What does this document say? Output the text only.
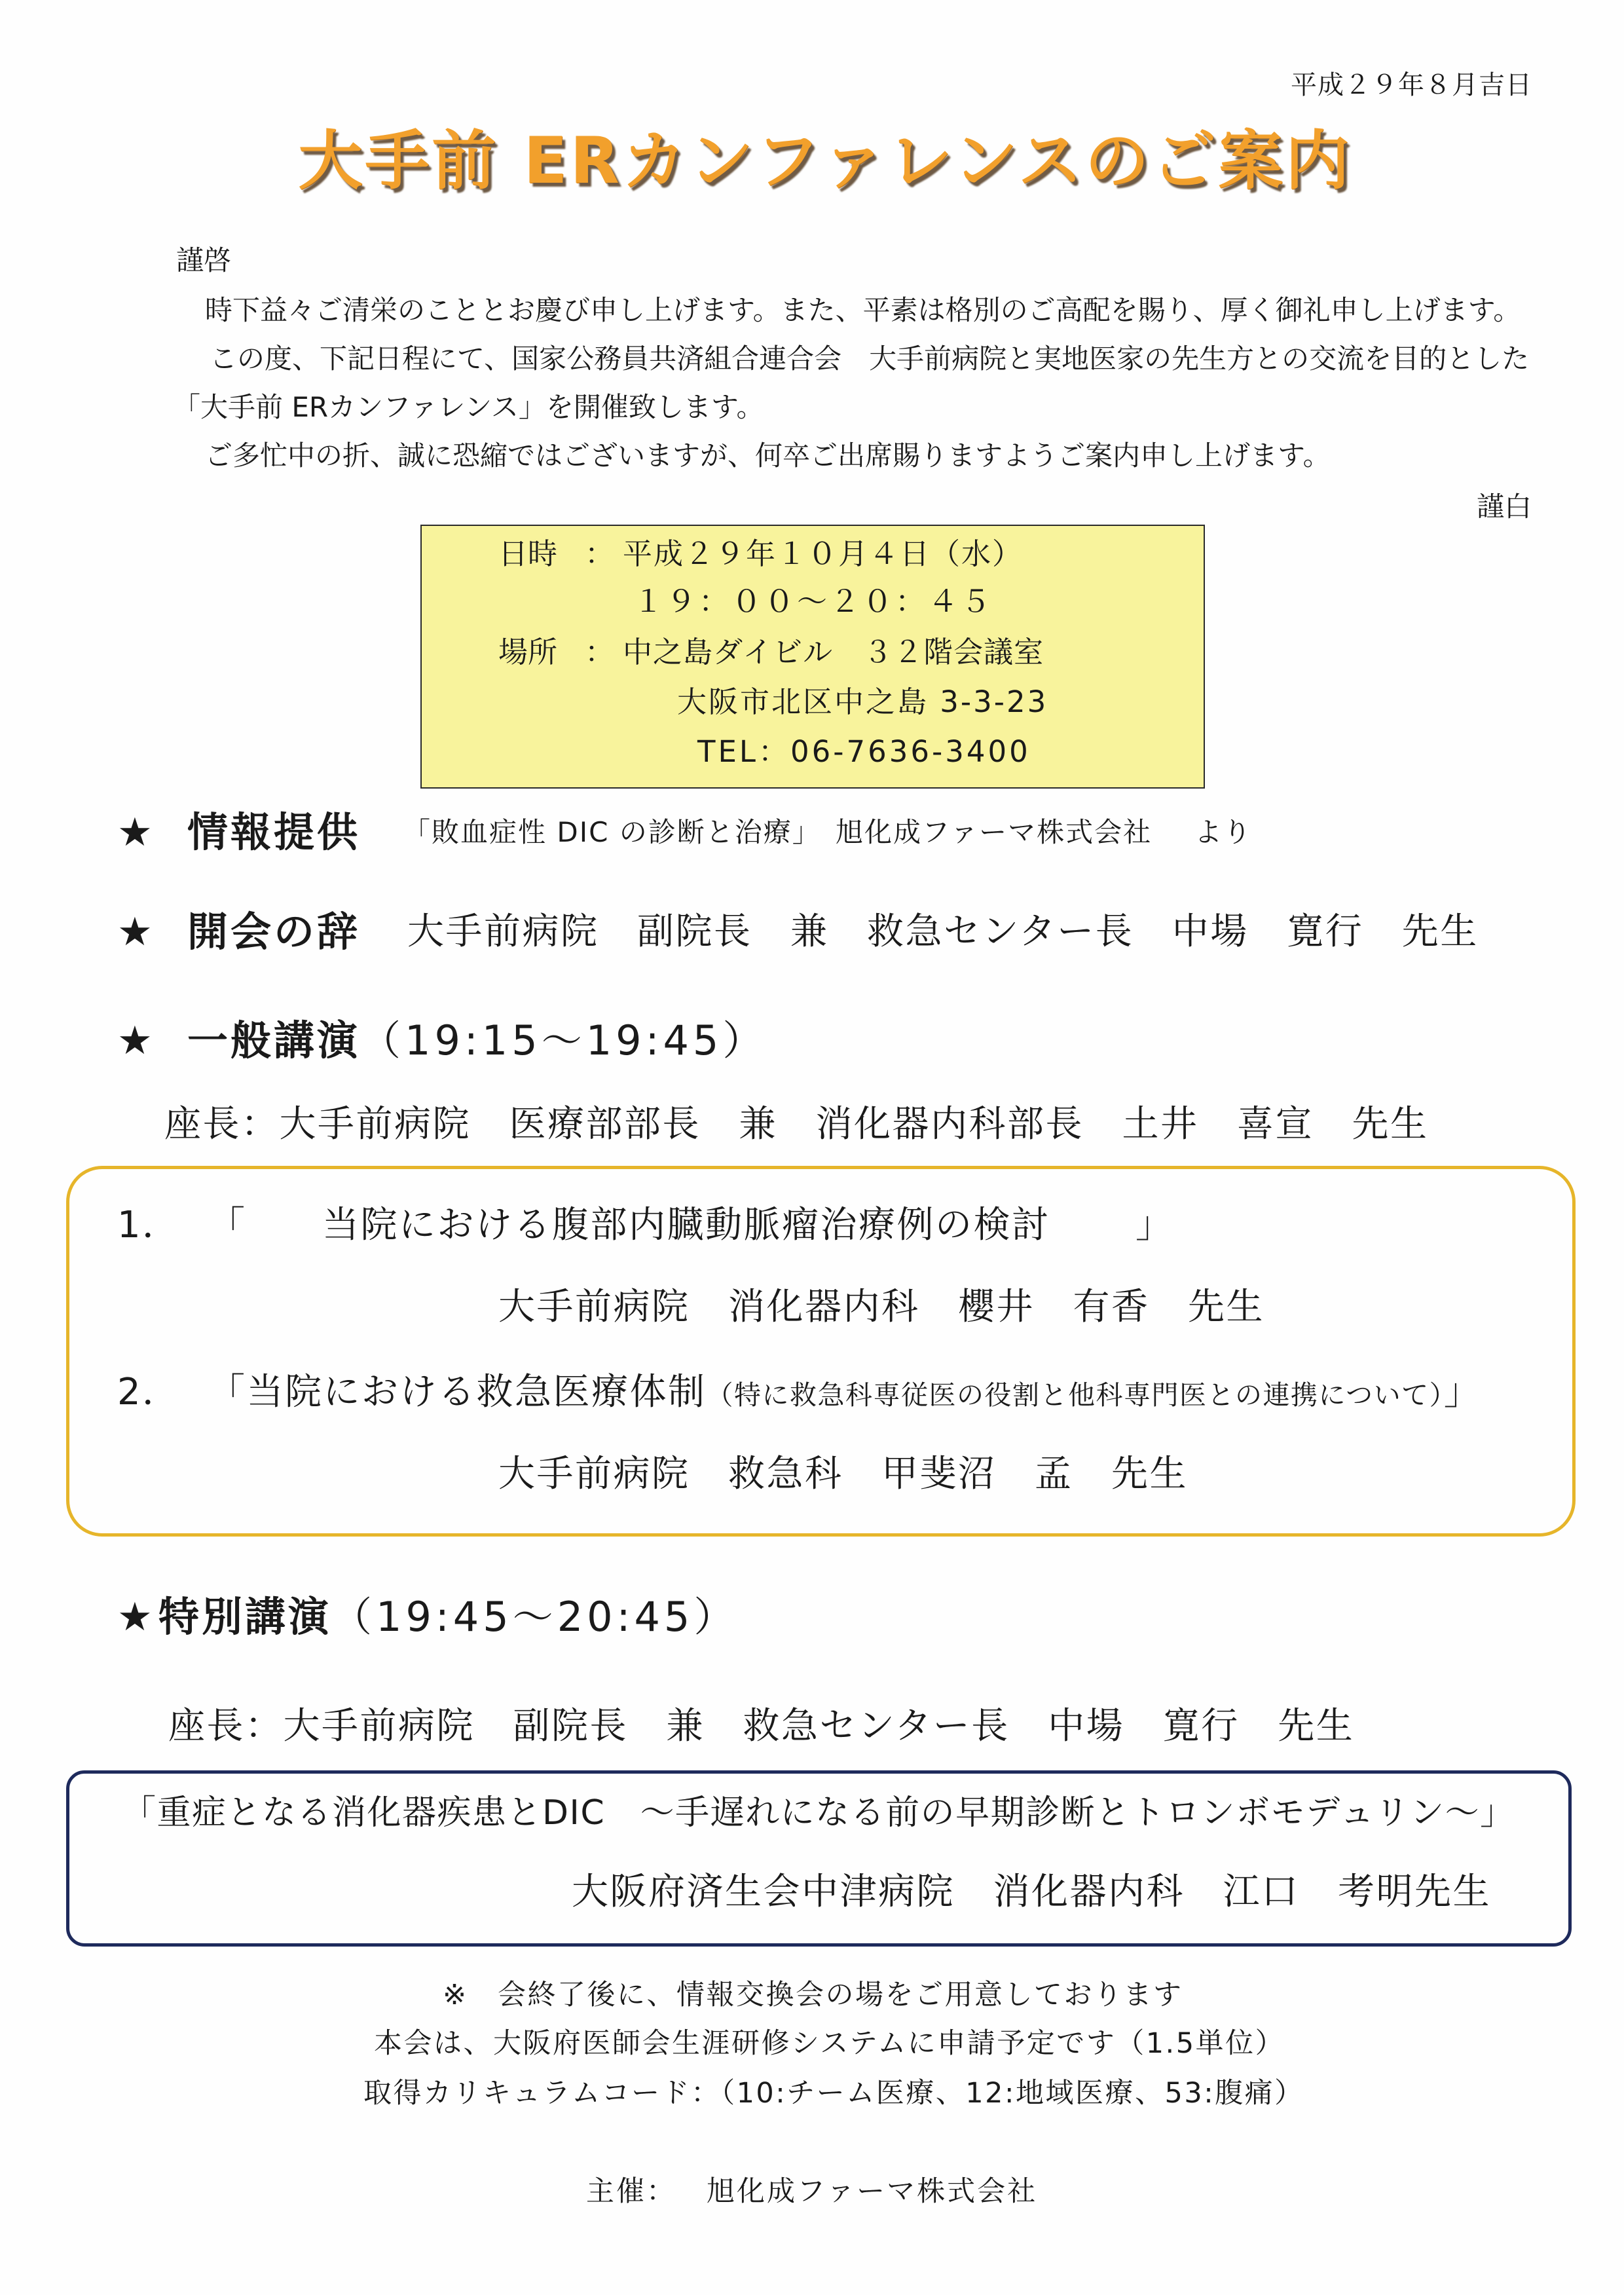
平成２９年８月吉日
大手前 ERカンファレンスのご案内
謹啓
時下益々ご清栄のこととお慶び申し上げます。また、平素は格別のご高配を賜り、厚く御礼申し上げます。
この度、下記日程にて、国家公務員共済組合連合会　大手前病院と実地医家の先生方との交流を目的とした
「大手前 ERカンファレンス」を開催致します。
ご多忙中の折、誠に恐縮ではございますが、何卒ご出席賜りますようご案内申し上げます。
謹白
日時 ： 平成２９年１０月４日（水）
１９：００～２０：４５
場所 ： 中之島ダイビル　３２階会議室
大阪市北区中之島 3-3-23
TEL：06-7636-3400
★ 情報提供 「敗血症性 DIC の診断と治療」 旭化成ファーマ株式会社 より
★ 開会の辞 大手前病院　副院長　兼　救急センター長　中場　寛行　先生
★ 一般講演（19:15～19:45）
座長：大手前病院　医療部部長　兼　消化器内科部長　土井　喜宣　先生
1． 「 当院における腹部内臓動脈瘤治療例の検討 」
大手前病院　消化器内科　櫻井　有香　先生
2． 「当院における救急医療体制（特に救急科専従医の役割と他科専門医との連携について）」
大手前病院　救急科　甲斐沼　孟　先生
★ 特別講演（19:45～20:45）
座長：大手前病院　副院長　兼　救急センター長　中場　寛行　先生
「重症となる消化器疾患とDIC　～手遅れになる前の早期診断とトロンボモデュリン～」
大阪府済生会中津病院　消化器内科　江口　考明先生
※　会終了後に、情報交換会の場をご用意しております
本会は、大阪府医師会生涯研修システムに申請予定です（1.5単位）
取得カリキュラムコード：（10:チーム医療、12:地域医療、53:腹痛）
主催： 旭化成ファーマ株式会社
